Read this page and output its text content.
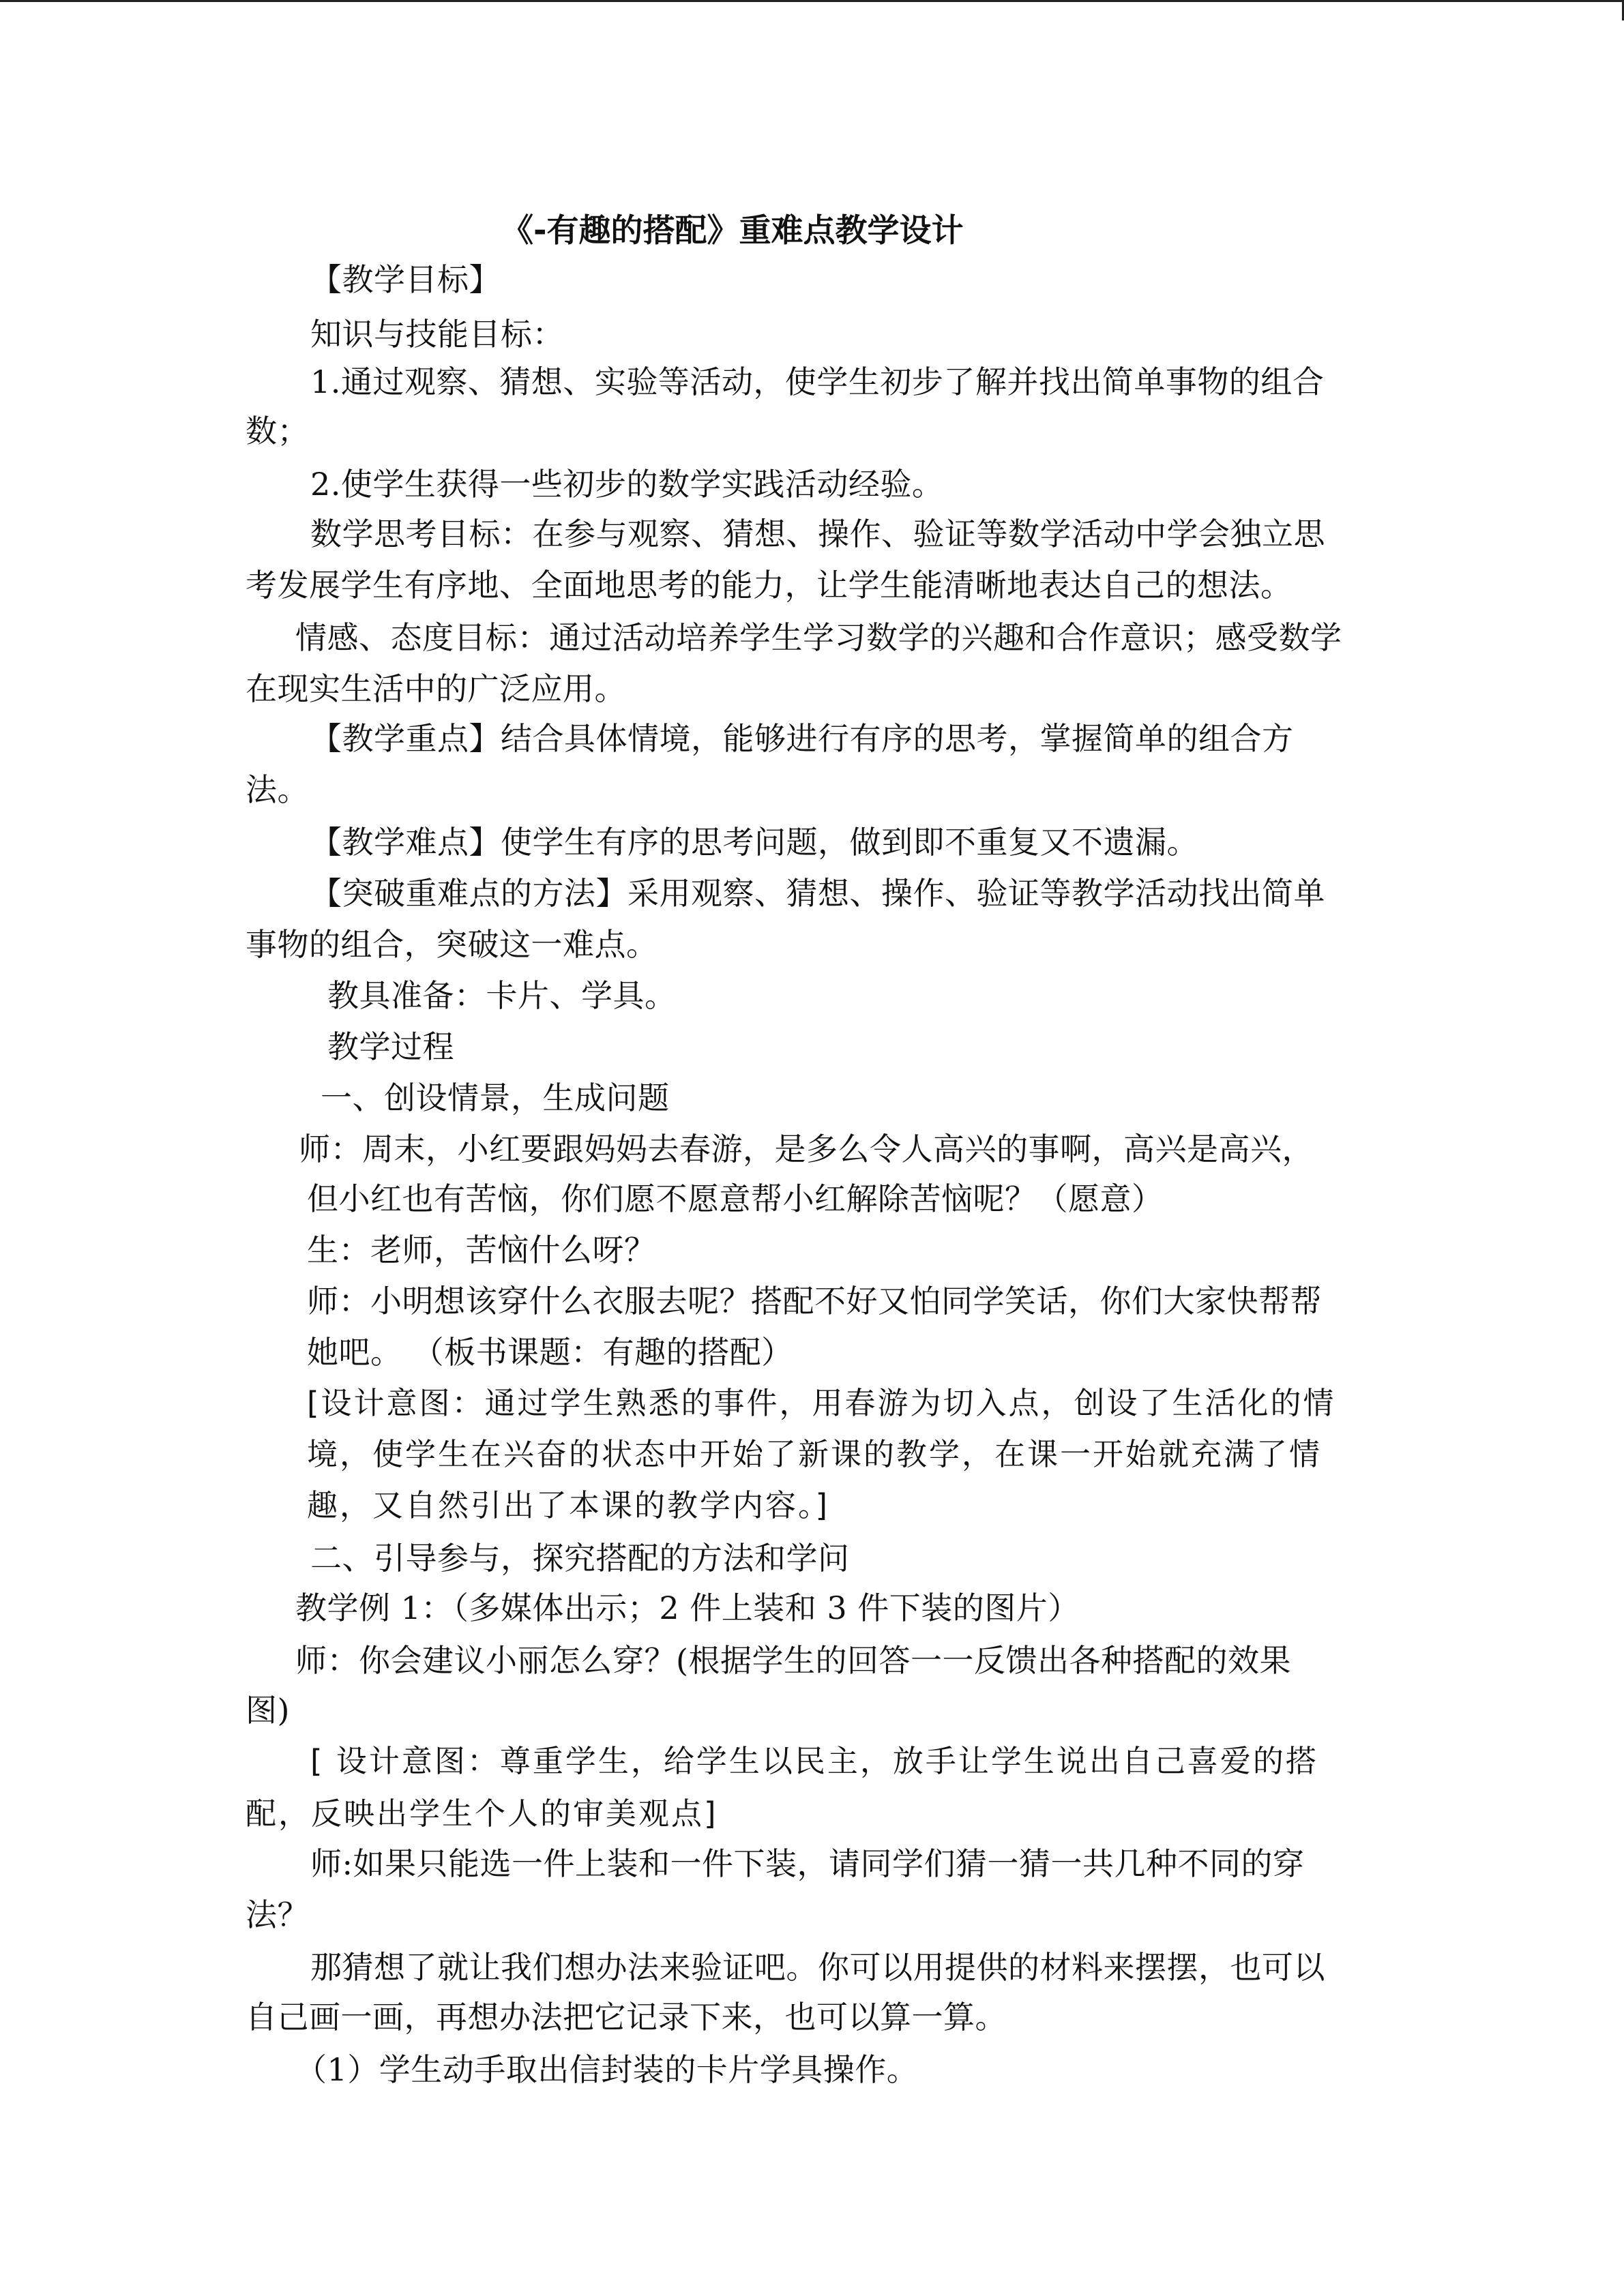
《-有趣的搭配》重难点教学设计
【教学目标】
知识与技能目标：
1.通过观察、猜想、实验等活动，使学生初步了解并找出简单事物的组合
数；
2.使学生获得一些初步的数学实践活动经验。
数学思考目标：在参与观察、猜想、操作、验证等数学活动中学会独立思
考发展学生有序地、全面地思考的能力，让学生能清晰地表达自己的想法。
情感、态度目标：通过活动培养学生学习数学的兴趣和合作意识；感受数学
在现实生活中的广泛应用。
【教学重点】结合具体情境，能够进行有序的思考，掌握简单的组合方
法。
【教学难点】使学生有序的思考问题，做到即不重复又不遗漏。
【突破重难点的方法】采用观察、猜想、操作、验证等教学活动找出简单
事物的组合，突破这一难点。
教具准备：卡片、学具。
教学过程
一、创设情景，生成问题
师：周末，小红要跟妈妈去春游，是多么令人高兴的事啊，高兴是高兴，
但小红也有苦恼，你们愿不愿意帮小红解除苦恼呢？（愿意）
生：老师，苦恼什么呀？
师：小明想该穿什么衣服去呢？搭配不好又怕同学笑话，你们大家快帮帮
她吧。 （板书课题：有趣的搭配）
[设计意图：通过学生熟悉的事件，用春游为切入点，创设了生活化的情
境，使学生在兴奋的状态中开始了新课的教学，在课一开始就充满了情
趣，又自然引出了本课的教学内容。]
二、引导参与，探究搭配的方法和学问
教学例 1：（多媒体出示；2 件上装和 3 件下装的图片）
师：你会建议小丽怎么穿？(根据学生的回答一一反馈出各种搭配的效果
图)
[ 设计意图：尊重学生，给学生以民主，放手让学生说出自己喜爱的搭
配，反映出学生个人的审美观点]
师:如果只能选一件上装和一件下装，请同学们猜一猜一共几种不同的穿
法？
那猜想了就让我们想办法来验证吧。你可以用提供的材料来摆摆，也可以
自己画一画，再想办法把它记录下来，也可以算一算。
（1）学生动手取出信封装的卡片学具操作。
